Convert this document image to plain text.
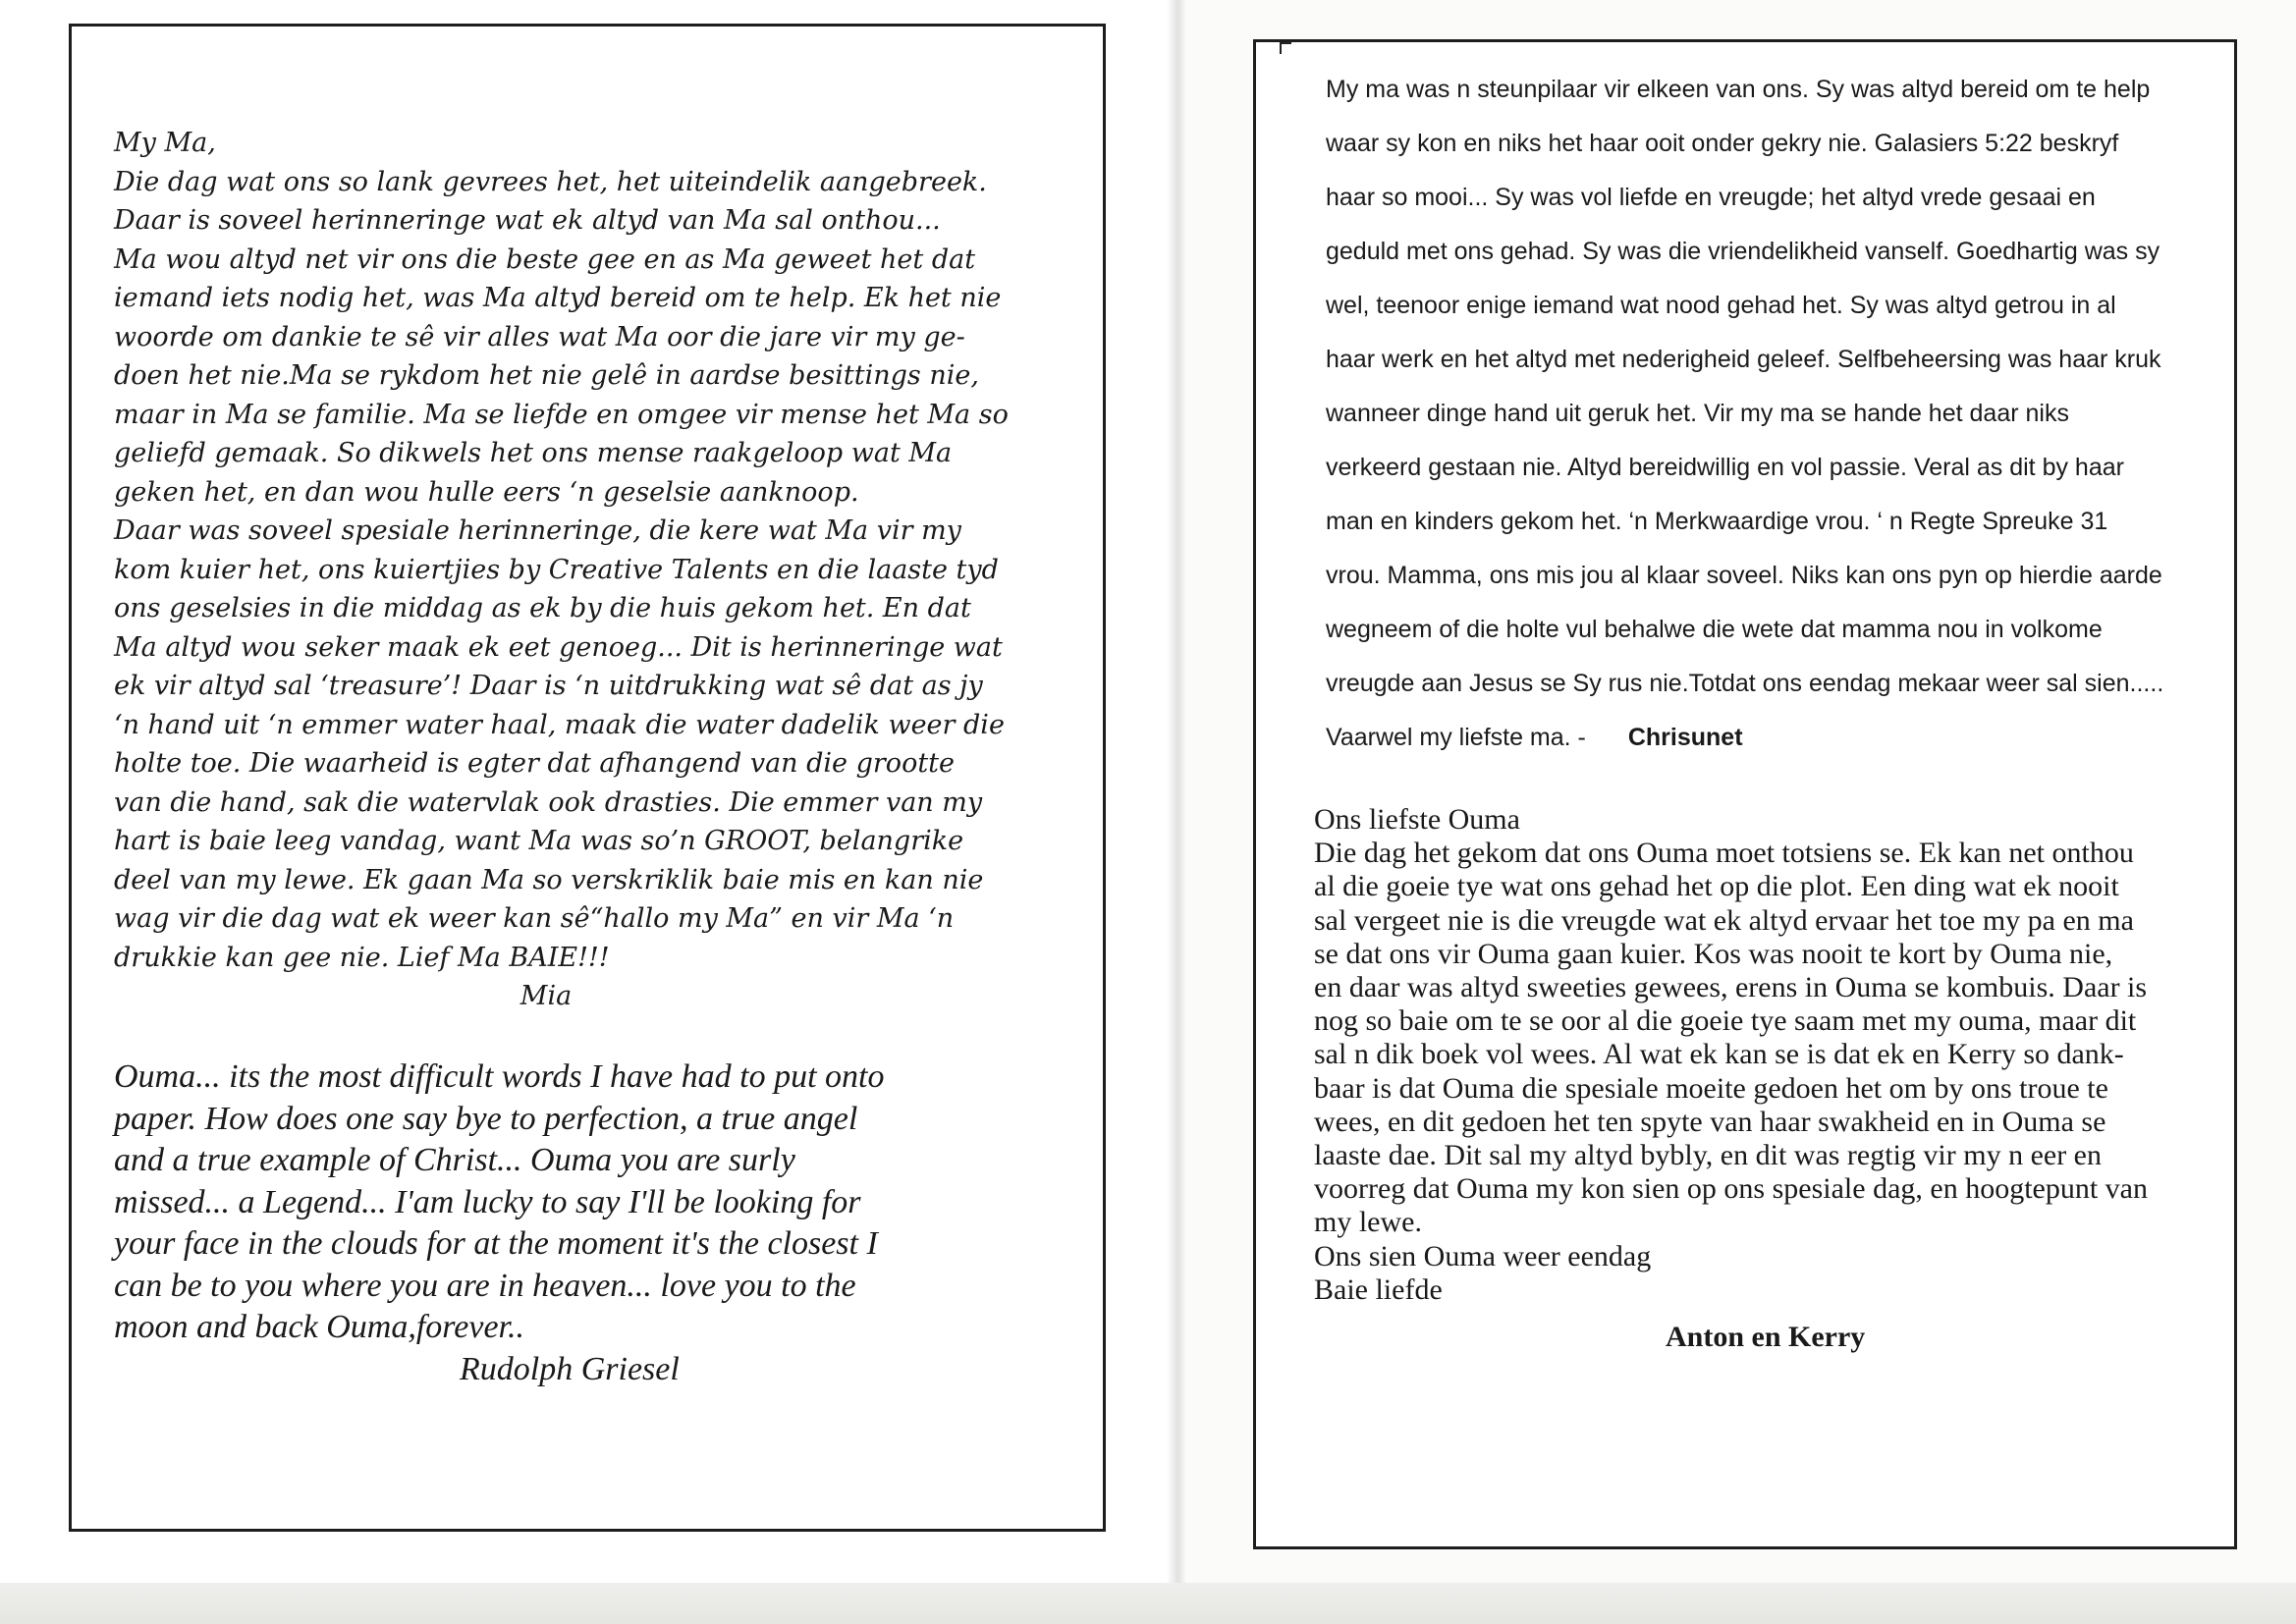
My Ma,
Die dag wat ons so lank gevrees het, het uiteindelik aangebreek.
Daar is soveel herinneringe wat ek altyd van Ma sal onthou...
Ma wou altyd net vir ons die beste gee en as Ma geweet het dat
iemand iets nodig het, was Ma altyd bereid om te help. Ek het nie
woorde om dankie te sê vir alles wat Ma oor die jare vir my ge-
doen het nie.Ma se rykdom het nie gelê in aardse besittings nie,
maar in Ma se familie. Ma se liefde en omgee vir mense het Ma so
geliefd gemaak. So dikwels het ons mense raakgeloop wat Ma
geken het, en dan wou hulle eers ‘n geselsie aanknoop.
Daar was soveel spesiale herinneringe, die kere wat Ma vir my
kom kuier het, ons kuiertjies by Creative Talents en die laaste tyd
ons geselsies in die middag as ek by die huis gekom het. En dat
Ma altyd wou seker maak ek eet genoeg... Dit is herinneringe wat
ek vir altyd sal ‘treasure’! Daar is ‘n uitdrukking wat sê dat as jy
‘n hand uit ‘n emmer water haal, maak die water dadelik weer die
holte toe. Die waarheid is egter dat afhangend van die grootte
van die hand, sak die watervlak ook drasties. Die emmer van my
hart is baie leeg vandag, want Ma was so’n GROOT, belangrike
deel van my lewe. Ek gaan Ma so verskriklik baie mis en kan nie
wag vir die dag wat ek weer kan sê“hallo my Ma” en vir Ma ‘n
drukkie kan gee nie. Lief Ma BAIE!!!
Mia
Ouma... its the most difficult words I have had to put onto
paper. How does one say bye to perfection, a true angel
and a true example of Christ... Ouma you are surly
missed... a Legend... I'am lucky to say I'll be looking for
your face in the clouds for at the moment it's the closest I
can be to you where you are in heaven... love you to the
moon and back Ouma,forever..
Rudolph Griesel
My ma was n steunpilaar vir elkeen van ons. Sy was altyd bereid om te help
waar sy kon en niks het haar ooit onder gekry nie. Galasiers 5:22 beskryf
haar so mooi... Sy was vol liefde en vreugde; het altyd vrede gesaai en
geduld met ons gehad. Sy was die vriendelikheid vanself. Goedhartig was sy
wel, teenoor enige iemand wat nood gehad het. Sy was altyd getrou in al
haar werk en het altyd met nederigheid geleef. Selfbeheersing was haar kruk
wanneer dinge hand uit geruk het. Vir my ma se hande het daar niks
verkeerd gestaan nie. Altyd bereidwillig en vol passie. Veral as dit by haar
man en kinders gekom het. ‘n Merkwaardige vrou. ‘ n Regte Spreuke 31
vrou. Mamma, ons mis jou al klaar soveel. Niks kan ons pyn op hierdie aarde
wegneem of die holte vul behalwe die wete dat mamma nou in volkome
vreugde aan Jesus se Sy rus nie.Totdat ons eendag mekaar weer sal sien.....
Vaarwel my liefste ma. - Chrisunet
Ons liefste Ouma
Die dag het gekom dat ons Ouma moet totsiens se. Ek kan net onthou
al die goeie tye wat ons gehad het op die plot. Een ding wat ek nooit
sal vergeet nie is die vreugde wat ek altyd ervaar het toe my pa en ma
se dat ons vir Ouma gaan kuier. Kos was nooit te kort by Ouma nie,
en daar was altyd sweeties gewees, erens in Ouma se kombuis. Daar is
nog so baie om te se oor al die goeie tye saam met my ouma, maar dit
sal n dik boek vol wees. Al wat ek kan se is dat ek en Kerry so dank-
baar is dat Ouma die spesiale moeite gedoen het om by ons troue te
wees, en dit gedoen het ten spyte van haar swakheid en in Ouma se
laaste dae. Dit sal my altyd bybly, en dit was regtig vir my n eer en
voorreg dat Ouma my kon sien op ons spesiale dag, en hoogtepunt van
my lewe.
Ons sien Ouma weer eendag
Baie liefde
Anton en Kerry
